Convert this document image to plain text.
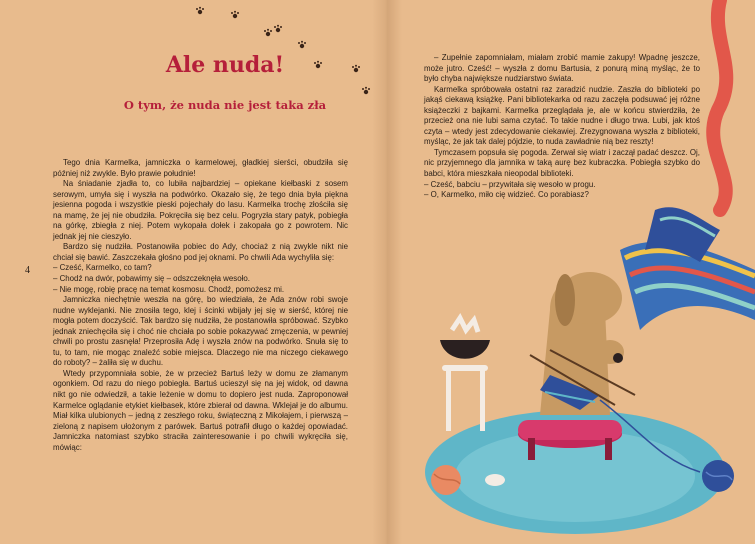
Ale nuda!
O tym, że nuda nie jest taka zła

Tego dnia Karmelka, jamniczka o karmelowej, gładkiej sierści, obudziła się później niż zwykle. Było prawie południe!

Na śniadanie zjadła to, co lubiła najbardziej – opiekane kiełbaski z sosem serowym, umyła się i wyszła na podwórko. Okazało się, że tego dnia była piękna jesienna pogoda i wszystkie pieski pojechały do lasu. Karmelka trochę złościła się na mamę, że jej nie obudziła. Pokręciła się bez celu. Pogryzła stary patyk, pobiegła na górkę, zbiegła z niej. Potem wykopała dołek i zakopała go z powrotem. Nic jednak jej nie cieszyło.

Bardzo się nudziła. Postanowiła pobiec do Ady, chociaż z nią zwykle nikt nie chciał się bawić. Zaszczekała głośno pod jej oknami. Po chwili Ada wychyliła się:

– Cześć, Karmelko, co tam?

– Chodź na dwór, pobawimy się – odszczeknęła wesoło.

– Nie mogę, robię pracę na temat kosmosu. Chodź, pomożesz mi.

Jamniczka niechętnie weszła na górę, bo wiedziała, że Ada znów robi swoje nudne wyklejanki. Nie znosiła tego, klej i ścinki wbijały jej się w sierść, której nie mogła potem doczyścić. Tak bardzo się nudziła, że postanowiła spróbować. Szybko jednak zniechęciła się i choć nie chciała po sobie pokazywać zmęczenia, w pewniej chwili po prostu zasnęła! Przeprosiła Adę i wyszła znów na podwórko. Snuła się to tu, to tam, nie mogąc znaleźć sobie miejsca. Dlaczego nie ma niczego ciekawego do roboty? – żaliła się w duchu.

Wtedy przypomniała sobie, że w przecież Bartuś leży w domu ze złamanym ogonkiem. Od razu do niego pobiegła. Bartuś ucieszył się na jej widok, od dawna nikt go nie odwiedził, a takie leżenie w domu to dopiero jest nuda. Zaproponował Karmelce oglądanie etykiet kiełbasek, które zbierał od dawna. Wklejał je do albumu. Miał kilka ulubionych – jedną z zeszłego roku, świąteczną z Mikołajem, i pierwszą – zieloną z napisem ułożonym z parówek. Bartuś potrafił długo o każdej opowiadać. Jamniczka natomiast szybko straciła zainteresowanie i po chwili wykręciła się, mówiąc:

– Zupełnie zapomniałam, miałam zrobić mamie zakupy! Wpadnę jeszcze, może jutro. Cześć! – wyszła z domu Bartusia, z ponurą miną myśląc, że to było chyba największe nudziarstwo świata.

Karmelka spróbowała ostatni raz zaradzić nudzie. Zaszła do biblioteki po jakąś ciekawą książkę. Pani bibliotekarka od razu zaczęła podsuwać jej różne książeczki z bajkami. Karmelka przeglądała je, ale w końcu stwierdziła, że przecież ona nie lubi sama czytać. To takie nudne i długo trwa. Lubi, jak ktoś czyta – wtedy jest zdecydowanie ciekawiej. Zrezygnowana wyszła z biblioteki, myśląc, że jak tak dalej pójdzie, to nuda zawładnie nią bez reszty!

Tymczasem popsuła się pogoda. Zerwał się wiatr i zaczął padać deszcz. Oj, nic przyjemnego dla jamnika w taką aurę bez kubraczka. Pobiegła szybko do babci, która mieszkała nieopodal biblioteki.

– Cześć, babciu – przywitała się wesoło w progu.

– O, Karmelko, miło cię widzieć. Co porabiasz?

4
